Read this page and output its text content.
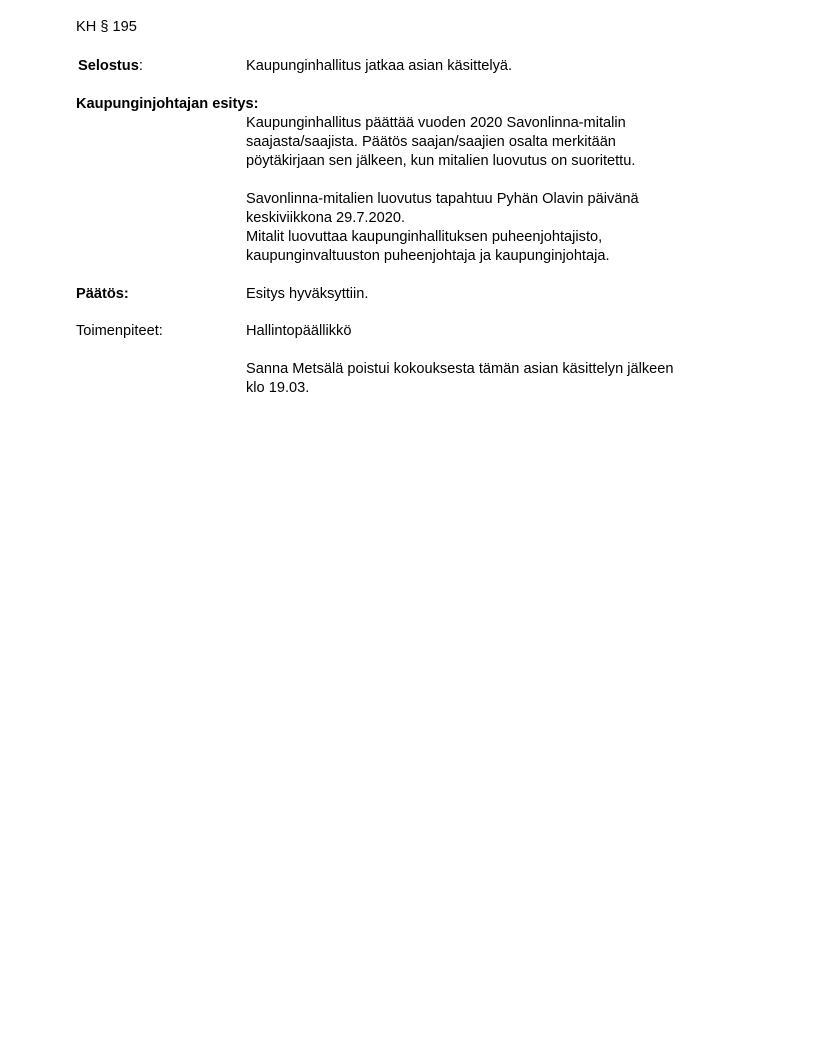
KH § 195
Selostus:	Kaupunginhallitus jatkaa asian käsittelyä.
Kaupunginjohtajan esitys:
Kaupunginhallitus päättää vuoden 2020 Savonlinna-mitalin
saajasta/saajista. Päätös saajan/saajien osalta merkitään
pöytäkirjaan sen jälkeen, kun mitalien luovutus on suoritettu.
Savonlinna-mitalien luovutus tapahtuu Pyhän Olavin päivänä
keskiviikkona 29.7.2020.
Mitalit luovuttaa kaupunginhallituksen puheenjohtajisto,
kaupunginvaltuuston puheenjohtaja ja kaupunginjohtaja.
Päätös:	Esitys hyväksyttiin.
Toimenpiteet:	Hallintopäällikkö
Sanna Metsälä poistui kokouksesta tämän asian käsittelyn jälkeen
klo 19.03.
